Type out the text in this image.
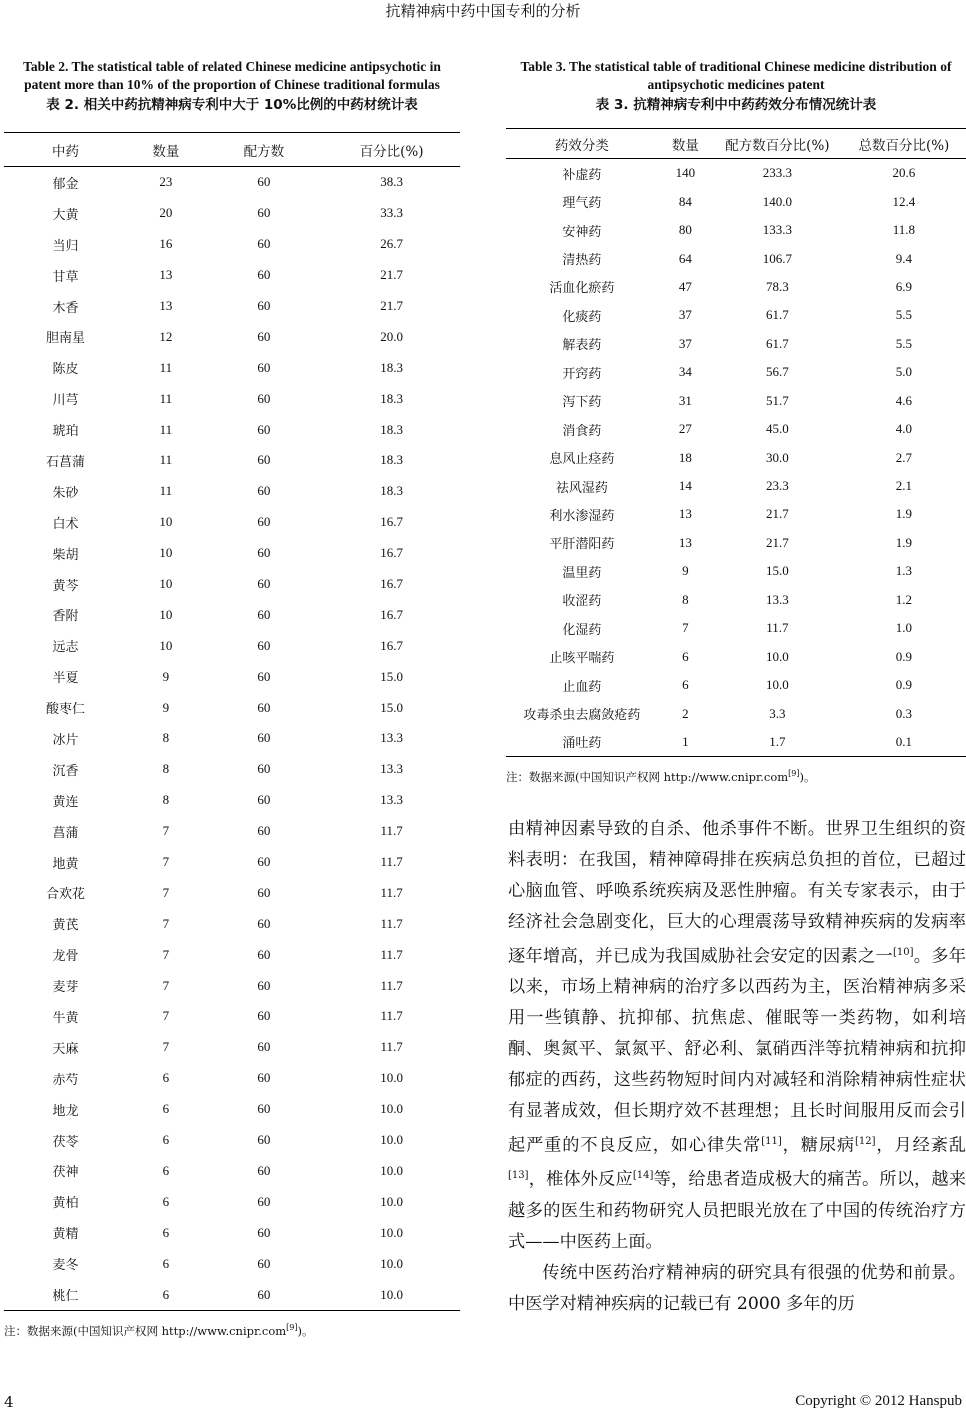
抗精神病中药中国专利的分析
Table 2. The statistical table of related Chinese medicine antipsychotic in patent more than 10% of the proportion of Chinese traditional formulas
表 2. 相关中药抗精神病专利中大于 10%比例的中药材统计表
中药	数量	配方数	百分比(%)
郁金	23	60	38.3
大黄	20	60	33.3
当归	16	60	26.7
甘草	13	60	21.7
木香	13	60	21.7
胆南星	12	60	20.0
陈皮	11	60	18.3
川芎	11	60	18.3
琥珀	11	60	18.3
石菖蒲	11	60	18.3
朱砂	11	60	18.3
白术	10	60	16.7
柴胡	10	60	16.7
黄芩	10	60	16.7
香附	10	60	16.7
远志	10	60	16.7
半夏	9	60	15.0
酸枣仁	9	60	15.0
冰片	8	60	13.3
沉香	8	60	13.3
黄连	8	60	13.3
菖蒲	7	60	11.7
地黄	7	60	11.7
合欢花	7	60	11.7
黄芪	7	60	11.7
龙骨	7	60	11.7
麦芽	7	60	11.7
牛黄	7	60	11.7
天麻	7	60	11.7
赤芍	6	60	10.0
地龙	6	60	10.0
茯苓	6	60	10.0
茯神	6	60	10.0
黄柏	6	60	10.0
黄精	6	60	10.0
麦冬	6	60	10.0
桃仁	6	60	10.0
注：数据来源(中国知识产权网 http://www.cnipr.com[9])。
Table 3. The statistical table of traditional Chinese medicine distribution of antipsychotic medicines patent
表 3. 抗精神病专利中中药药效分布情况统计表
药效分类	数量	配方数百分比(%)	总数百分比(%)
补虚药	140	233.3	20.6
理气药	84	140.0	12.4
安神药	80	133.3	11.8
清热药	64	106.7	9.4
活血化瘀药	47	78.3	6.9
化痰药	37	61.7	5.5
解表药	37	61.7	5.5
开窍药	34	56.7	5.0
泻下药	31	51.7	4.6
消食药	27	45.0	4.0
息风止痉药	18	30.0	2.7
祛风湿药	14	23.3	2.1
利水渗湿药	13	21.7	1.9
平肝潜阳药	13	21.7	1.9
温里药	9	15.0	1.3
收涩药	8	13.3	1.2
化湿药	7	11.7	1.0
止咳平喘药	6	10.0	0.9
止血药	6	10.0	0.9
攻毒杀虫去腐敛疮药	2	3.3	0.3
涌吐药	1	1.7	0.1
注：数据来源(中国知识产权网 http://www.cnipr.com[9])。

由精神因素导致的自杀、他杀事件不断。世界卫生组织的资料表明：在我国，精神障碍排在疾病总负担的首位，已超过心脑血管、呼唤系统疾病及恶性肿瘤。有关专家表示，由于经济社会急剧变化，巨大的心理震荡导致精神疾病的发病率逐年增高，并已成为我国威胁社会安定的因素之一[10]。多年以来，市场上精神病的治疗多以西药为主，医治精神病多采用一些镇静、抗抑郁、抗焦虑、催眠等一类药物，如利培酮、奥氮平、氯氮平、舒必利、氯硝西泮等抗精神病和抗抑郁症的西药，这些药物短时间内对减轻和消除精神病性症状有显著成效，但长期疗效不甚理想；且长时间服用反而会引起严重的不良反应，如心律失常[11]，糖尿病[12]，月经紊乱[13]，椎体外反应[14]等，给患者造成极大的痛苦。所以，越来越多的医生和药物研究人员把眼光放在了中国的传统治疗方式——中医药上面。

传统中医药治疗精神病的研究具有很强的优势和前景。中医学对精神疾病的记载已有 2000 多年的历

4	Copyright © 2012 Hanspub
